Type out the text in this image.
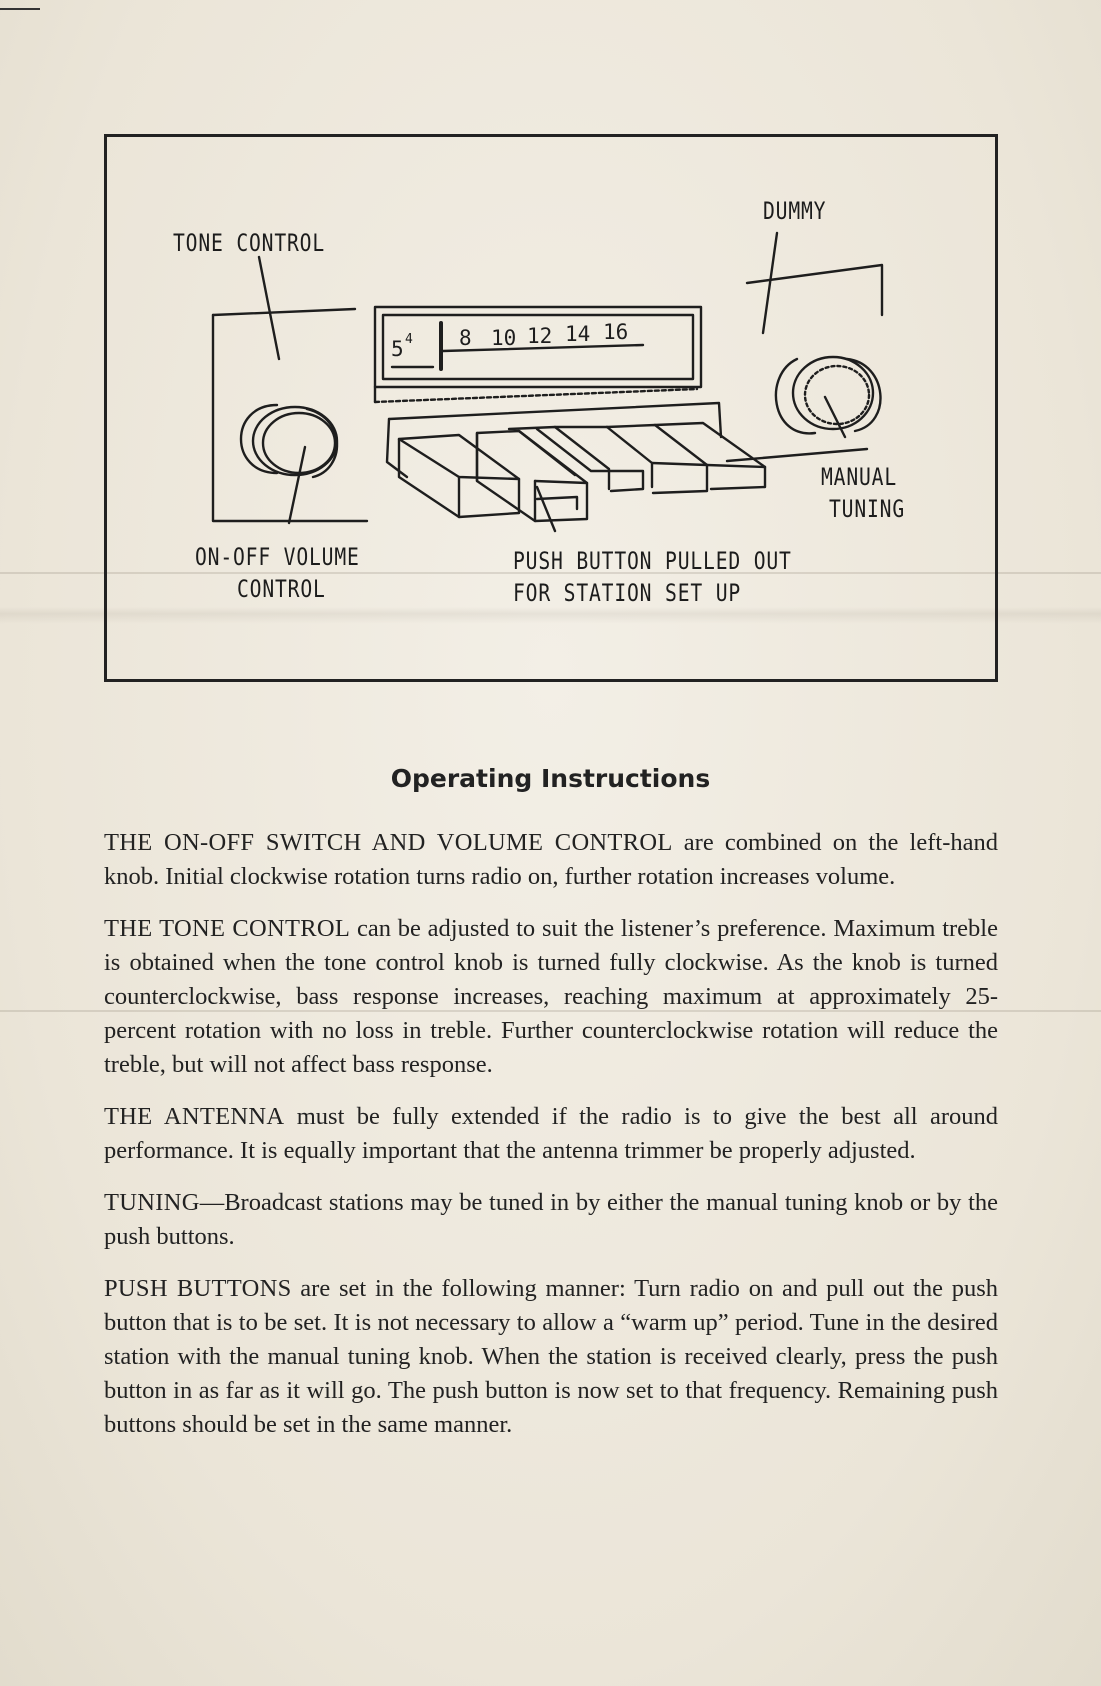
5 4 8 10 12 14 16
TONE CONTROL
DUMMY
MANUAL
TUNING
ON-OFF VOLUME
CONTROL
PUSH BUTTON PULLED OUT
FOR STATION SET UP
Operating Instructions

THE ON-OFF SWITCH AND VOLUME CONTROL are combined on the left-hand knob. Initial clockwise rotation turns radio on, further rotation increases volume.

THE TONE CONTROL can be adjusted to suit the listener’s preference. Maximum treble is obtained when the tone control knob is turned fully clockwise. As the knob is turned counterclockwise, bass response increases, reaching maximum at approximately 25-percent rotation with no loss in treble. Further counterclockwise rotation will reduce the treble, but will not affect bass response.

THE ANTENNA must be fully extended if the radio is to give the best all around performance. It is equally important that the antenna trimmer be properly adjusted.

TUNING—Broadcast stations may be tuned in by either the manual tuning knob or by the push buttons.

PUSH BUTTONS are set in the following manner: Turn radio on and pull out the push button that is to be set. It is not necessary to allow a “warm up” period. Tune in the desired station with the manual tuning knob. When the station is received clearly, press the push button in as far as it will go. The push button is now set to that frequency. Remaining push buttons should be set in the same manner.
